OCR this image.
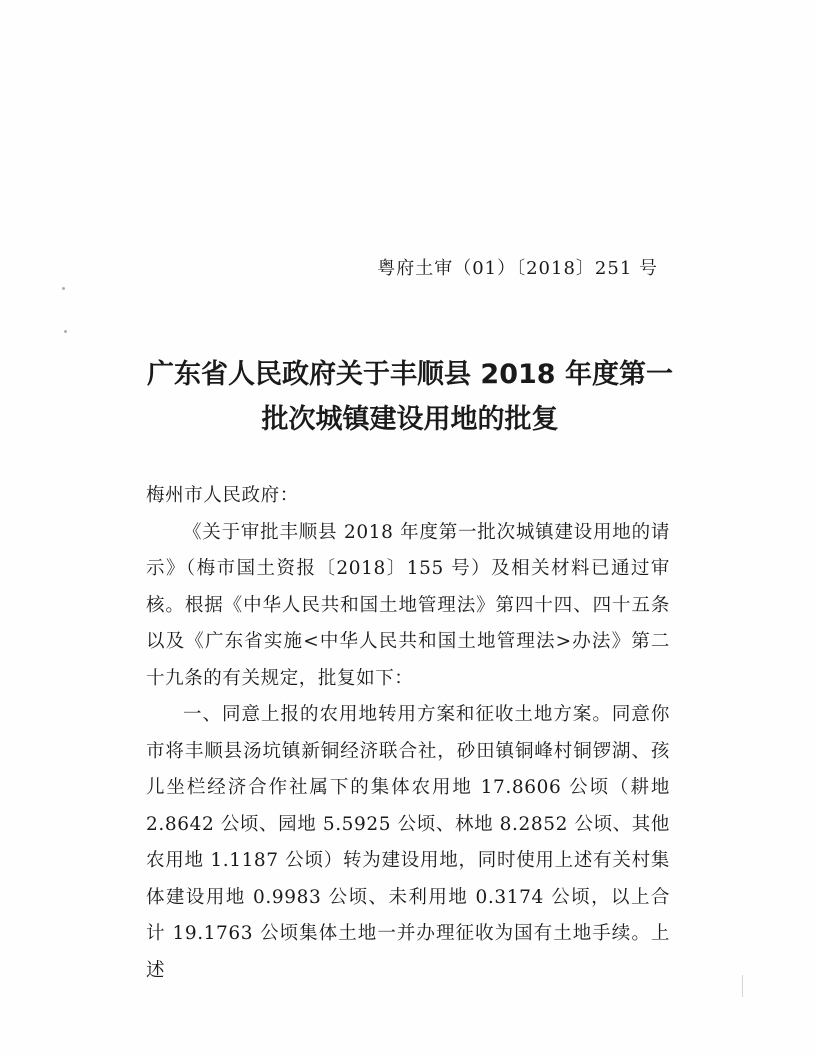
粤府土审（01）〔2018〕251 号
广东省人民政府关于丰顺县 2018 年度第一
批次城镇建设用地的批复

梅州市人民政府：

《关于审批丰顺县 2018 年度第一批次城镇建设用地的请示》（梅市国土资报〔2018〕155 号）及相关材料已通过审核。根据《中华人民共和国土地管理法》第四十四、四十五条以及《广东省实施<中华人民共和国土地管理法>办法》第二十九条的有关规定，批复如下：

一、同意上报的农用地转用方案和征收土地方案。同意你市将丰顺县汤坑镇新铜经济联合社，砂田镇铜峰村铜锣湖、孩儿坐栏经济合作社属下的集体农用地 17.8606 公顷（耕地 2.8642 公顷、园地 5.5925 公顷、林地 8.2852 公顷、其他农用地 1.1187 公顷）转为建设用地，同时使用上述有关村集体建设用地 0.9983 公顷、未利用地 0.3174 公顷，以上合计 19.1763 公顷集体土地一并办理征收为国有土地手续。上述
